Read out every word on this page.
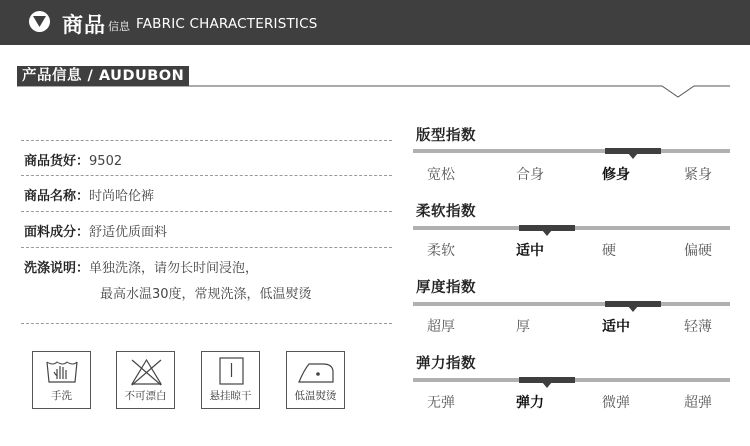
商品 信息 FABRIC CHARACTERISTICS
产品信息 / AUDUBON
商品货好：9502
商品名称：时尚哈伦裤
面料成分：舒适优质面料
洗涤说明：单独洗涤，请勿长时间浸泡，
最高水温30度，常规洗涤，低温熨烫
手洗	不可漂白	悬挂晾干	低温熨烫
版型指数
宽松	合身	修身	紧身
柔软指数
柔软	适中	硬	偏硬
厚度指数
超厚	厚	适中	轻薄
弹力指数
无弹	弹力	微弹	超弹
